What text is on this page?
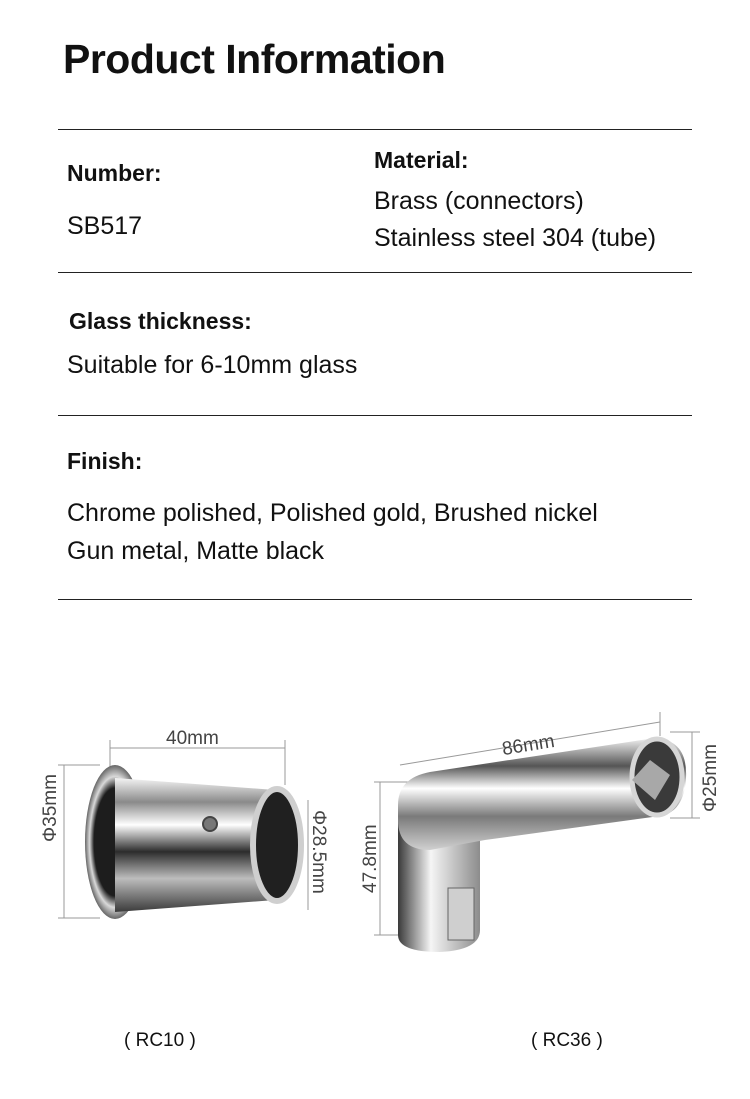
Product Information
Number:
SB517
Material:
Brass (connectors)
Stainless steel 304 (tube)
Glass thickness:
Suitable for 6-10mm glass
Finish:
Chrome polished, Polished gold, Brushed nickel
Gun metal, Matte black
40mm
Φ35mm
Φ28.5mm
86mm
47.8mm
Φ25mm
( RC10 )	( RC36 )
